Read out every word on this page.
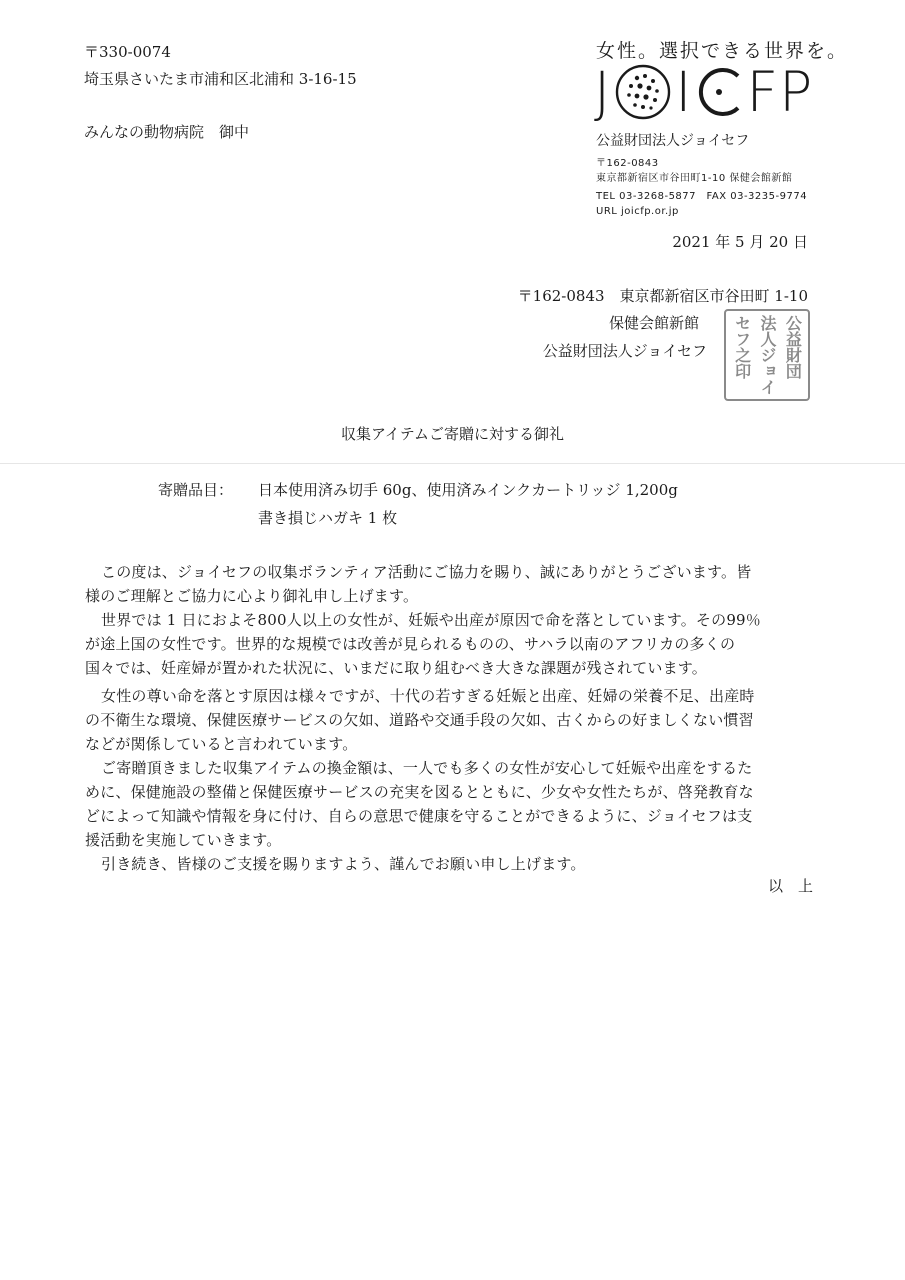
〒330-0074
埼玉県さいたま市浦和区北浦和 3-16-15
みんなの動物病院　御中
女性。選択できる世界を。
J I FP
公益財団法人ジョイセフ
〒162-0843
東京都新宿区市谷田町1-10 保健会館新館
TEL 03-3268-5877　FAX 03-3235-9774
URL joicfp.or.jp
2021 年 5 月 20 日
〒162-0843　東京都新宿区市谷田町 1-10
保健会館新館
公益財団法人ジョイセフ	公益財団
法人ジョイ
セフ之印
収集アイテムご寄贈に対する御礼
寄贈品目： 日本使用済み切手 60g、使用済みインクカートリッジ 1,200g
書き損じハガキ 1 枚
この度は、ジョイセフの収集ボランティア活動にご協力を賜り、誠にありがとうございます。皆
様のご理解とご協力に心より御礼申し上げます。
世界では 1 日におよそ800人以上の女性が、妊娠や出産が原因で命を落としています。その99％
が途上国の女性です。世界的な規模では改善が見られるものの、サハラ以南のアフリカの多くの
国々では、妊産婦が置かれた状況に、いまだに取り組むべき大きな課題が残されています。
女性の尊い命を落とす原因は様々ですが、十代の若すぎる妊娠と出産、妊婦の栄養不足、出産時
の不衛生な環境、保健医療サービスの欠如、道路や交通手段の欠如、古くからの好ましくない慣習
などが関係していると言われています。
ご寄贈頂きました収集アイテムの換金額は、一人でも多くの女性が安心して妊娠や出産をするた
めに、保健施設の整備と保健医療サービスの充実を図るとともに、少女や女性たちが、啓発教育な
どによって知識や情報を身に付け、自らの意思で健康を守ることができるように、ジョイセフは支
援活動を実施していきます。
引き続き、皆様のご支援を賜りますよう、謹んでお願い申し上げます。
以　上
